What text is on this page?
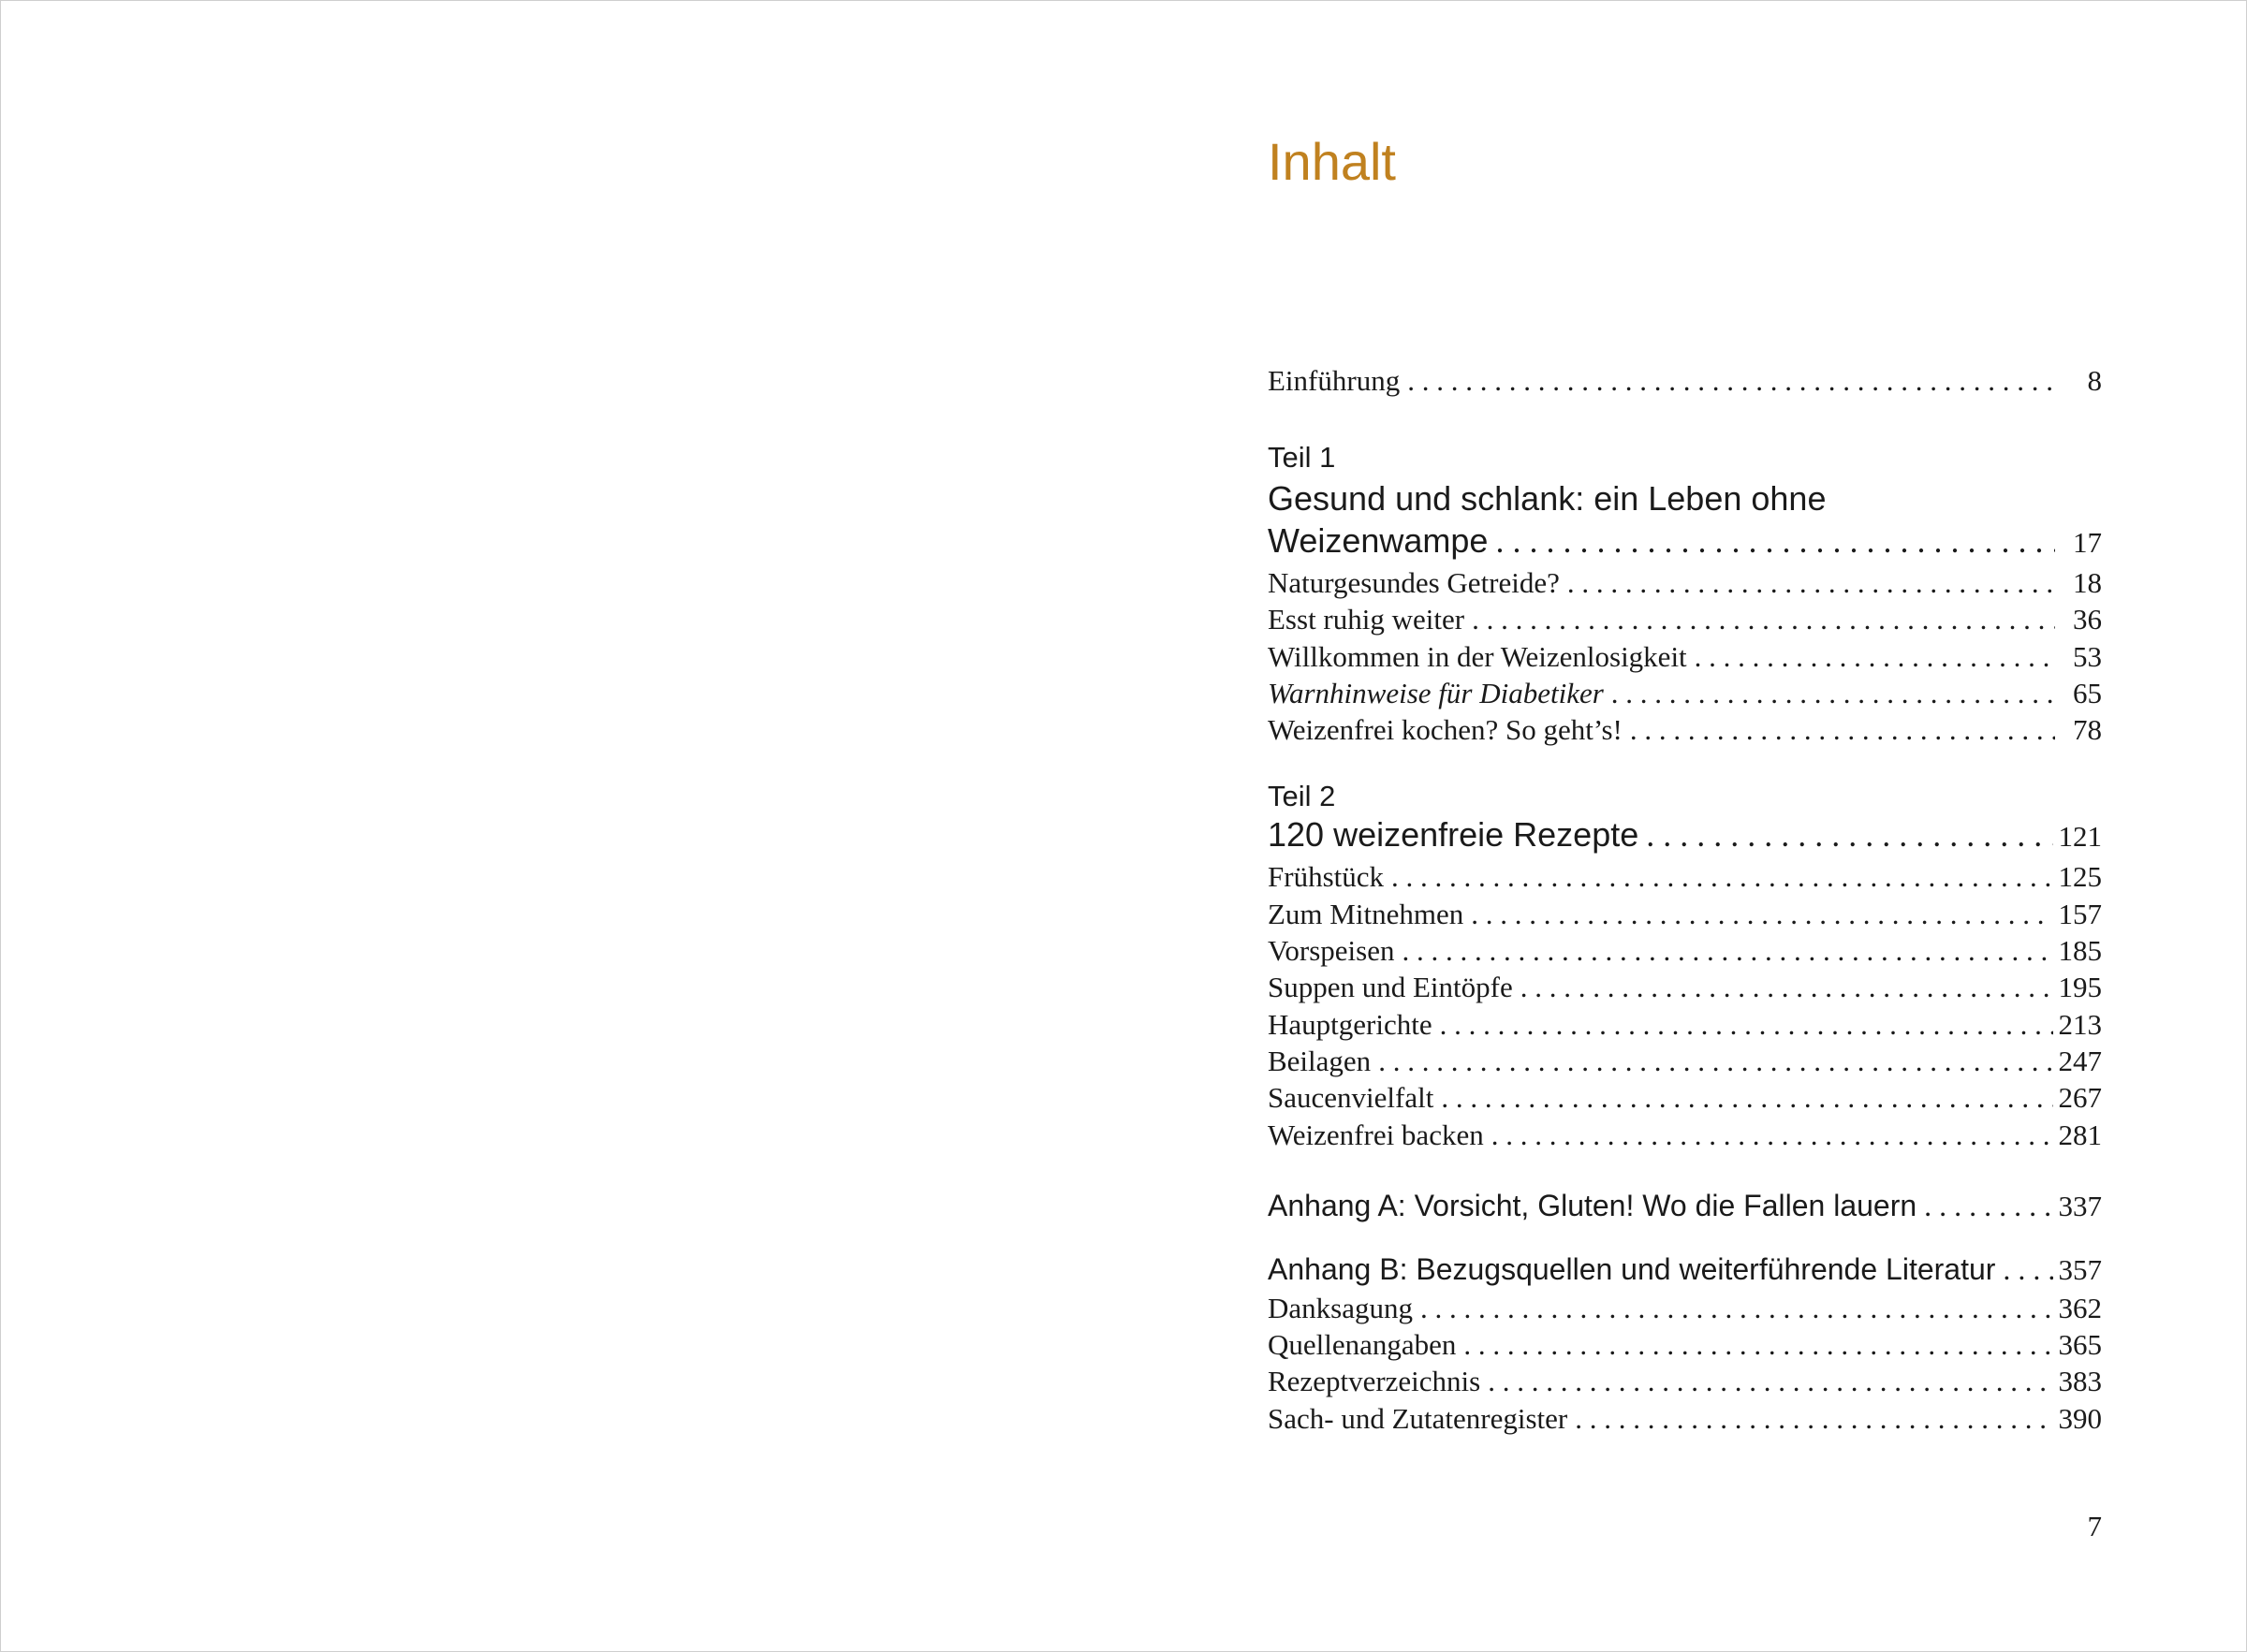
Inhalt
Einführung . . .	8
Teil 1
Gesund und schlank: ein Leben ohne
Weizenwampe . . .	17
Naturgesundes Getreide? . . .	18
Esst ruhig weiter . . .	36
Willkommen in der Weizenlosigkeit . . .	53
Warnhinweise für Diabetiker . . .	65
Weizenfrei kochen? So geht’s! . . .	78
Teil 2
120 weizenfreie Rezepte . . .	121
Frühstück . . .	125
Zum Mitnehmen . . .	157
Vorspeisen . . .	185
Suppen und Eintöpfe . . .	195
Hauptgerichte . . .	213
Beilagen . . .	247
Saucenvielfalt . . .	267
Weizenfrei backen . . .	281
Anhang A: Vorsicht, Gluten! Wo die Fallen lauern . . .	337
Anhang B: Bezugsquellen und weiterführende Literatur . . . 357
Danksagung . . .	362
Quellenangaben . . .	365
Rezeptverzeichnis . . .	383
Sach- und Zutatenregister . . .	390
7
